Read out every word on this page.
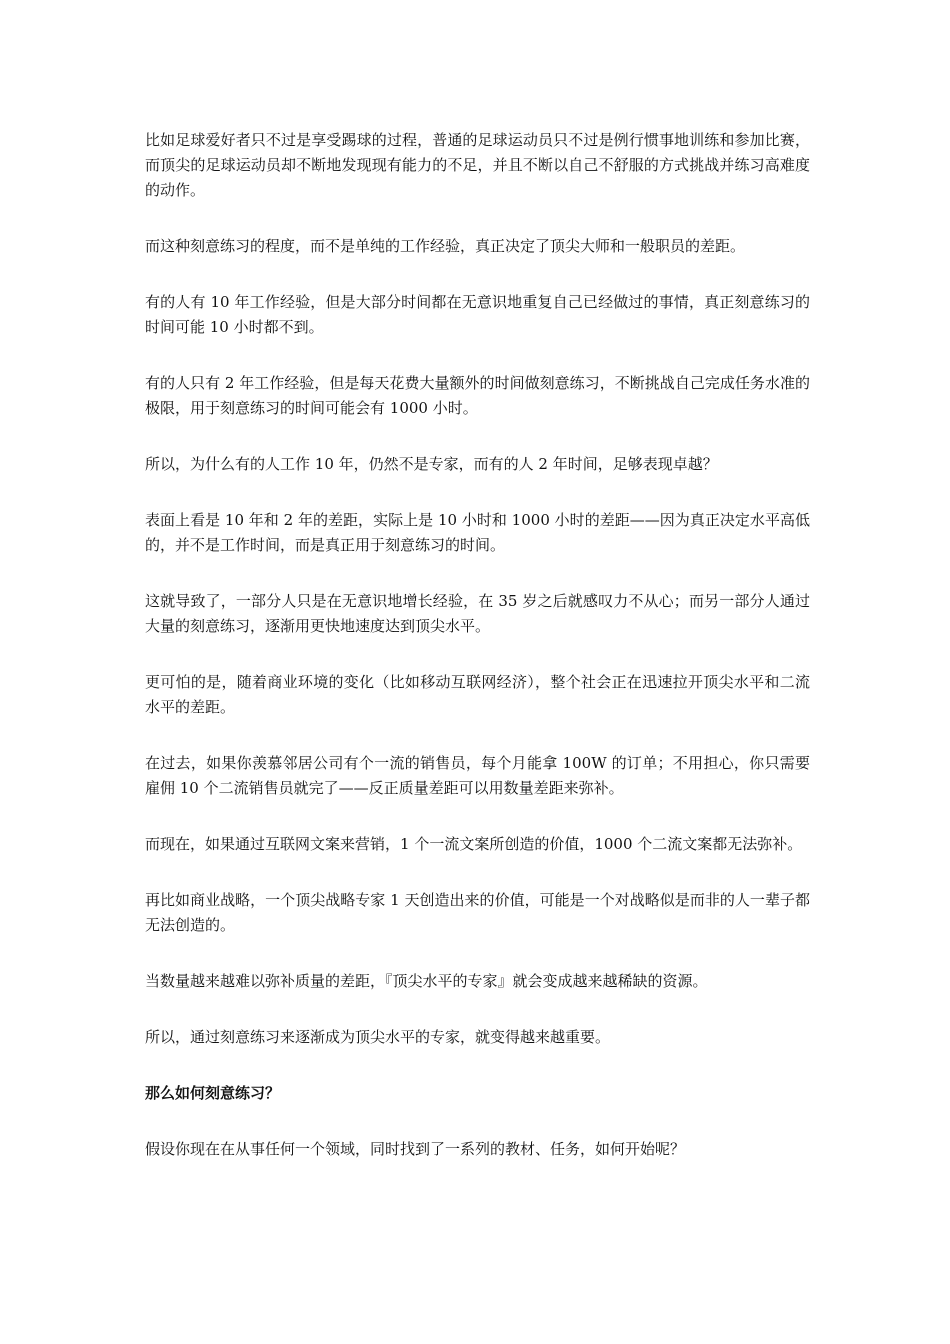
比如足球爱好者只不过是享受踢球的过程，普通的足球运动员只不过是例行惯事地训练和参加比赛，而顶尖的足球运动员却不断地发现现有能力的不足，并且不断以自己不舒服的方式挑战并练习高难度的动作。

而这种刻意练习的程度，而不是单纯的工作经验，真正决定了顶尖大师和一般职员的差距。

有的人有 10 年工作经验，但是大部分时间都在无意识地重复自己已经做过的事情，真正刻意练习的时间可能 10 小时都不到。

有的人只有 2 年工作经验，但是每天花费大量额外的时间做刻意练习，不断挑战自己完成任务水准的极限，用于刻意练习的时间可能会有 1000 小时。

所以，为什么有的人工作 10 年，仍然不是专家，而有的人 2 年时间，足够表现卓越？

表面上看是 10 年和 2 年的差距，实际上是 10 小时和 1000 小时的差距——因为真正决定水平高低的，并不是工作时间，而是真正用于刻意练习的时间。

这就导致了，一部分人只是在无意识地增长经验，在 35 岁之后就感叹力不从心；而另一部分人通过大量的刻意练习，逐渐用更快地速度达到顶尖水平。

更可怕的是，随着商业环境的变化（比如移动互联网经济），整个社会正在迅速拉开顶尖水平和二流水平的差距。

在过去，如果你羡慕邻居公司有个一流的销售员，每个月能拿 100W 的订单；不用担心，你只需要雇佣 10 个二流销售员就完了——反正质量差距可以用数量差距来弥补。

而现在，如果通过互联网文案来营销，1 个一流文案所创造的价值，1000 个二流文案都无法弥补。

再比如商业战略，一个顶尖战略专家 1 天创造出来的价值，可能是一个对战略似是而非的人一辈子都无法创造的。

当数量越来越难以弥补质量的差距，『顶尖水平的专家』就会变成越来越稀缺的资源。

所以，通过刻意练习来逐渐成为顶尖水平的专家，就变得越来越重要。

那么如何刻意练习？

假设你现在在从事任何一个领域，同时找到了一系列的教材、任务，如何开始呢？
